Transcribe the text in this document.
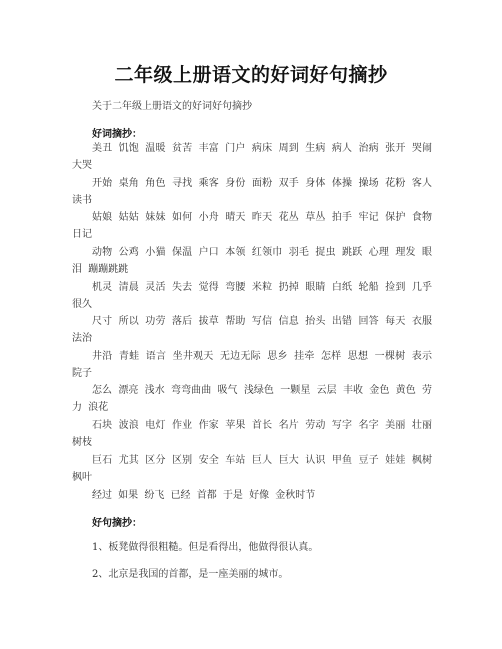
二年级上册语文的好词好句摘抄
关于二年级上册语文的好词好句摘抄
好词摘抄：
美丑 饥饱 温暖 贫苦 丰富 门户 病床 周到 生病 病人 治病 张开 哭闹 大哭
开始 桌角 角色 寻找 乘客 身份 面粉 双手 身体 体操 操场 花粉 客人 读书
姑娘 姑姑 妹妹 如何 小舟 晴天 昨天 花丛 草丛 拍手 牢记 保护 食物 日记
动物 公鸡 小猫 保温 户口 本领 红领巾 羽毛 捉虫 跳跃 心理 理发 眼泪 蹦蹦跳跳
机灵 清晨 灵活 失去 觉得 弯腰 米粒 扔掉 眼睛 白纸 轮船 捡到 几乎 很久
尺寸 所以 功劳 落后 拔草 帮助 写信 信息 抬头 出错 回答 每天 衣服 法治
井沿 青蛙 语言 坐井观天 无边无际 思乡 挂牵 怎样 思想 一棵树 表示 院子
怎么 漂亮 浅水 弯弯曲曲 吸气 浅绿色 一颗星 云层 丰收 金色 黄色 劳力 浪花
石块 波浪 电灯 作业 作家 苹果 首长 名片 劳动 写字 名字 美丽 壮丽 树枝
巨石 尤其 区分 区别 安全 车站 巨人 巨大 认识 甲鱼 豆子 娃娃 枫树 枫叶
经过 如果 纷飞 已经 首都 于是 好像 金秋时节
好句摘抄：
1、板凳做得很粗糙。但是看得出，他做得很认真。
2、北京是我国的首都，是一座美丽的城市。
